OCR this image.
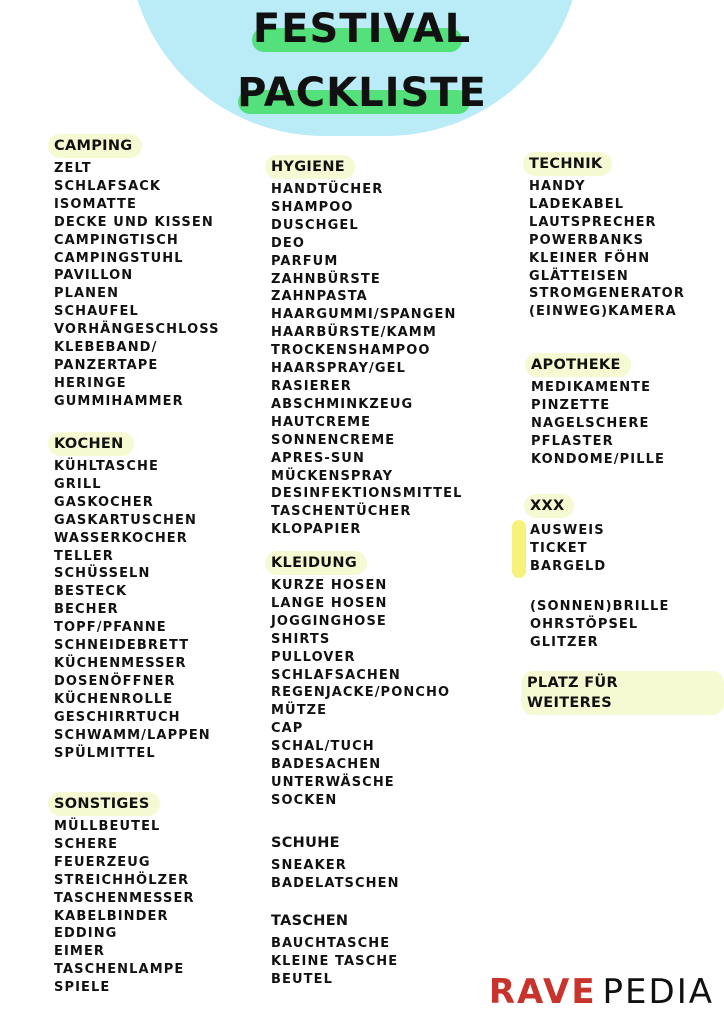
FESTIVAL
PACKLISTE
CAMPING
ZELT
SCHLAFSACK
ISOMATTE
DECKE UND KISSEN
CAMPINGTISCH
CAMPINGSTUHL
PAVILLON
PLANEN
SCHAUFEL
VORHÄNGESCHLOSS
KLEBEBAND/
PANZERTAPE
HERINGE
GUMMIHAMMER
KOCHEN
KÜHLTASCHE
GRILL
GASKOCHER
GASKARTUSCHEN
WASSERKOCHER
TELLER
SCHÜSSELN
BESTECK
BECHER
TOPF/PFANNE
SCHNEIDEBRETT
KÜCHENMESSER
DOSENÖFFNER
KÜCHENROLLE
GESCHIRRTUCH
SCHWAMM/LAPPEN
SPÜLMITTEL
SONSTIGES
MÜLLBEUTEL
SCHERE
FEUERZEUG
STREICHHÖLZER
TASCHENMESSER
KABELBINDER
EDDING
EIMER
TASCHENLAMPE
SPIELE
HYGIENE
HANDTÜCHER
SHAMPOO
DUSCHGEL
DEO
PARFUM
ZAHNBÜRSTE
ZAHNPASTA
HAARGUMMI/SPANGEN
HAARBÜRSTE/KAMM
TROCKENSHAMPOO
HAARSPRAY/GEL
RASIERER
ABSCHMINKZEUG
HAUTCREME
SONNENCREME
APRES-SUN
MÜCKENSPRAY
DESINFEKTIONSMITTEL
TASCHENTÜCHER
KLOPAPIER
KLEIDUNG
KURZE HOSEN
LANGE HOSEN
JOGGINGHOSE
SHIRTS
PULLOVER
SCHLAFSACHEN
REGENJACKE/PONCHO
MÜTZE
CAP
SCHAL/TUCH
BADESACHEN
UNTERWÄSCHE
SOCKEN
SCHUHE
SNEAKER
BADELATSCHEN
TASCHEN
BAUCHTASCHE
KLEINE TASCHE
BEUTEL
TECHNIK
HANDY
LADEKABEL
LAUTSPRECHER
POWERBANKS
KLEINER FÖHN
GLÄTTEISEN
STROMGENERATOR
(EINWEG)KAMERA
APOTHEKE
MEDIKAMENTE
PINZETTE
NAGELSCHERE
PFLASTER
KONDOME/PILLE
XXX
AUSWEIS
TICKET
BARGELD
(SONNEN)BRILLE
OHRSTÖPSEL
GLITZER
PLATZ FÜR WEITERES
RAVE PEDIA
